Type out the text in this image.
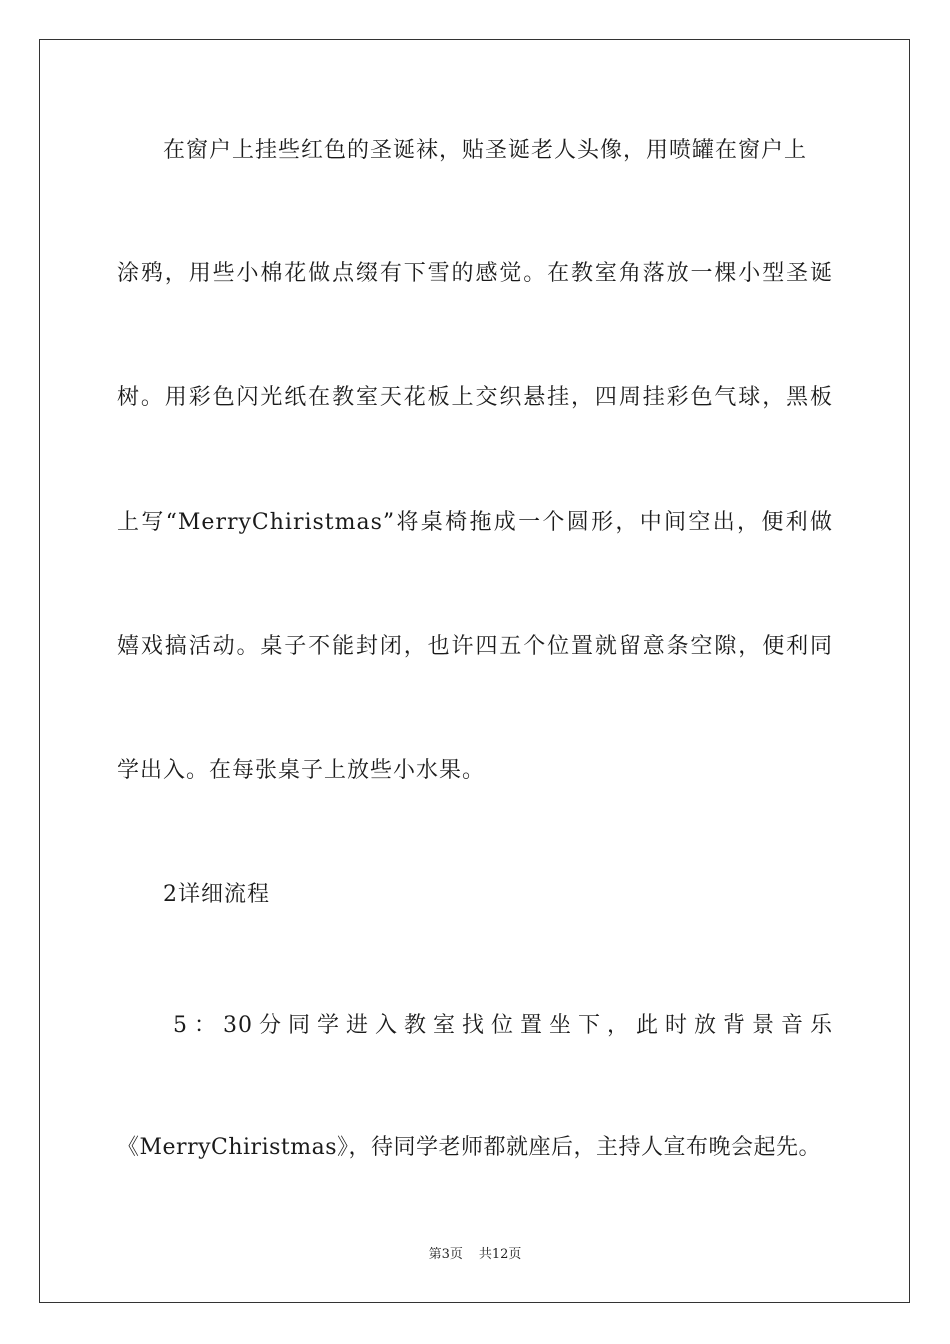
在窗户上挂些红色的圣诞袜，贴圣诞老人头像，用喷罐在窗户上
涂鸦，用些小棉花做点缀有下雪的感觉。在教室角落放一棵小型圣诞
树。用彩色闪光纸在教室天花板上交织悬挂，四周挂彩色气球，黑板
上写“MerryChiristmas”将桌椅拖成一个圆形，中间空出，便利做
嬉戏搞活动。桌子不能封闭，也许四五个位置就留意条空隙，便利同
学出入。在每张桌子上放些小水果。
2详细流程
5：30分同学进入教室找位置坐下，此时放背景音乐
《MerryChiristmas》，待同学老师都就座后，主持人宣布晚会起先。
第3页 共12页
